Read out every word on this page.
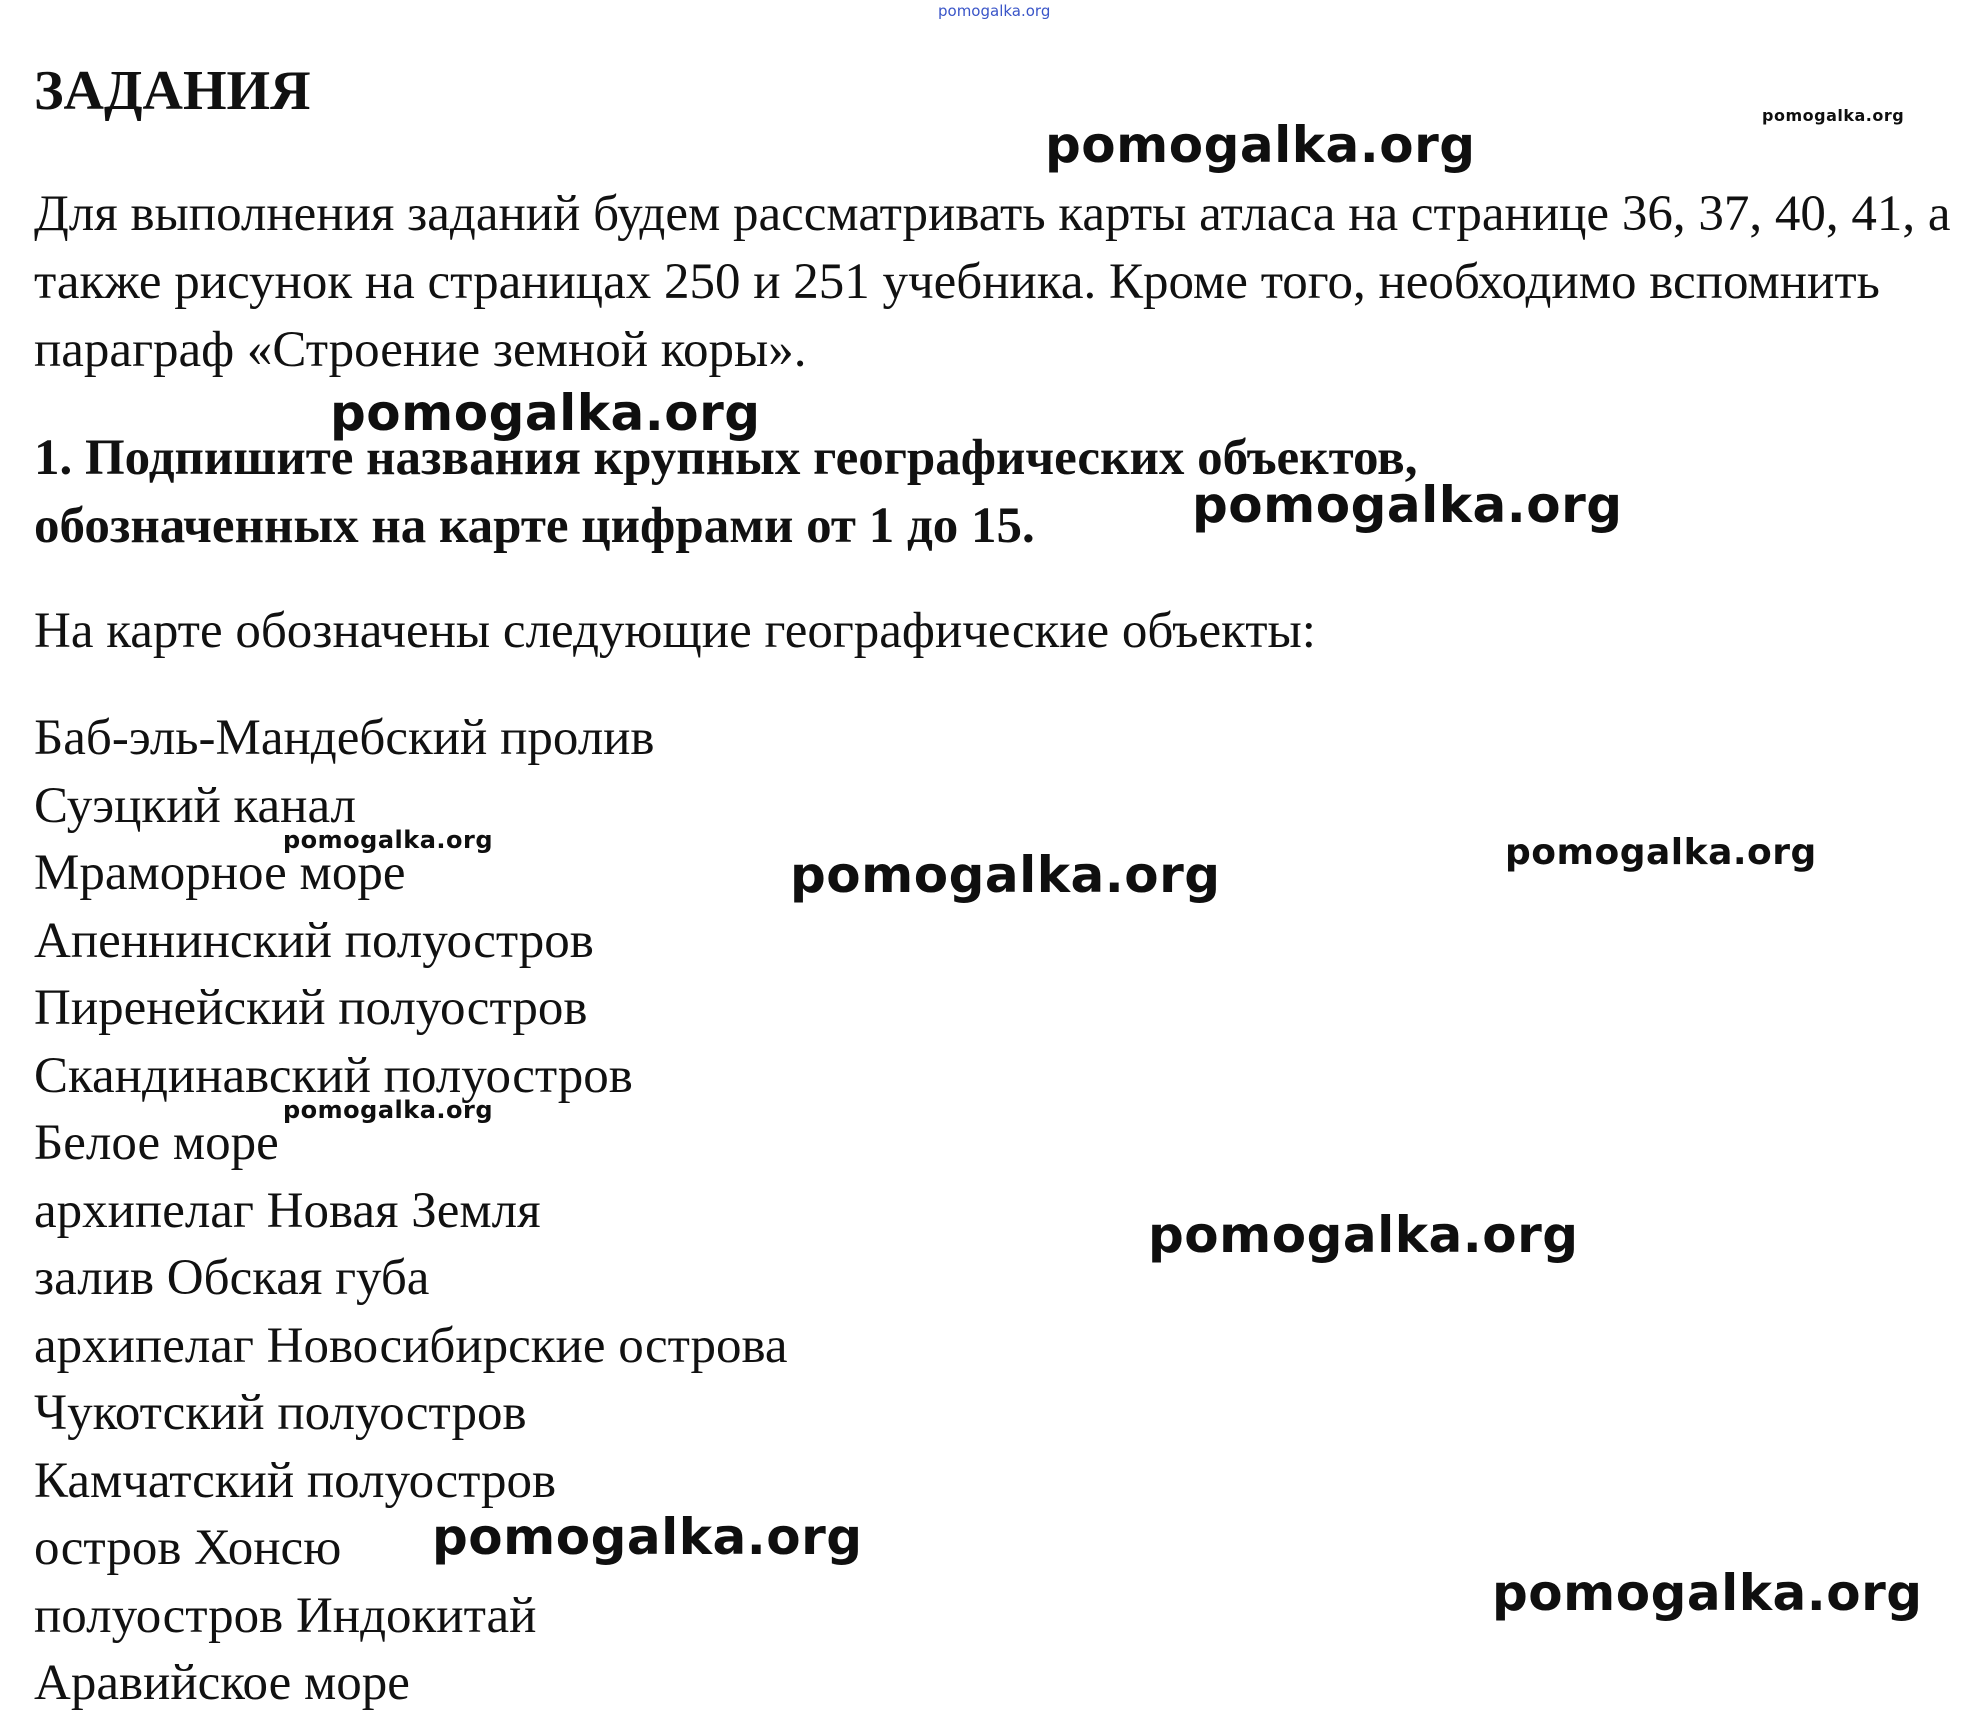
pomogalka.org
ЗАДАНИЯ

Для выполнения заданий будем рассматривать карты атласа на странице 36, 37, 40, 41, а также рисунок на страницах 250 и 251 учебника. Кроме того, необходимо вспомнить параграф «Строение земной коры».

1. Подпишите названия крупных географических объектов,
обозначенных на карте цифрами от 1 до 15.

На карте обозначены следующие географические объекты:

Баб-эль-Мандебский пролив
Суэцкий канал
Мраморное море
Апеннинский полуостров
Пиренейский полуостров
Скандинавский полуостров
Белое море
архипелаг Новая Земля
залив Обская губа
архипелаг Новосибирские острова
Чукотский полуостров
Камчатский полуостров
остров Хонсю
полуостров Индокитай
Аравийское море
pomogalka.org
pomogalka.org
pomogalka.org
pomogalka.org
pomogalka.org
pomogalka.org	pomogalka.org
pomogalka.org
pomogalka.org
pomogalka.org
pomogalka.org
